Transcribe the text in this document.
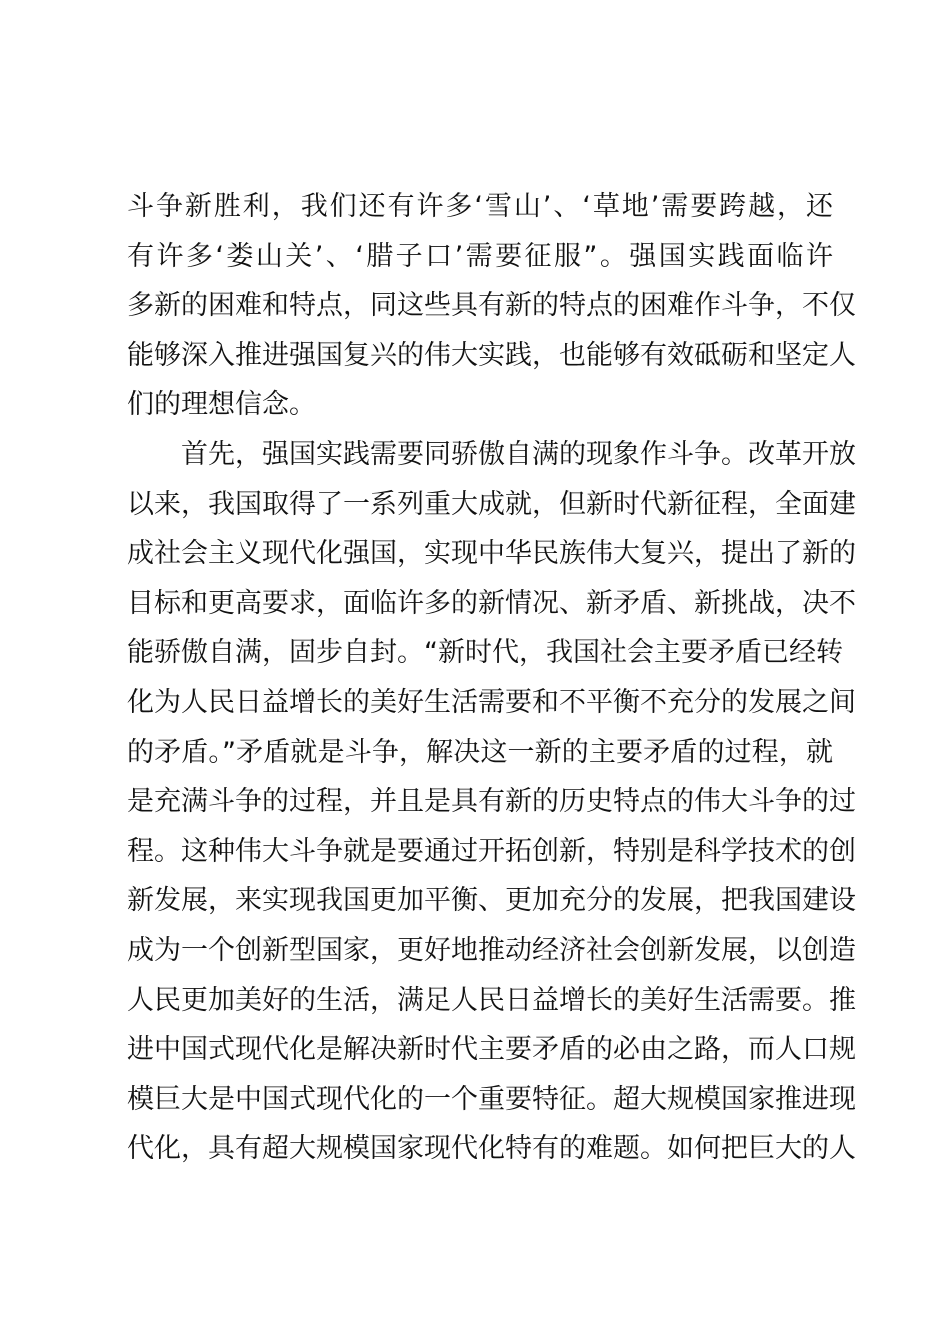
斗争新胜利，我们还有许多‘雪山’、‘草地’需要跨越，还
有许多‘娄山关’、‘腊子口’需要征服”。强国实践面临许
多新的困难和特点，同这些具有新的特点的困难作斗争，不仅
能够深入推进强国复兴的伟大实践，也能够有效砥砺和坚定人
们的理想信念。
首先，强国实践需要同骄傲自满的现象作斗争。改革开放
以来，我国取得了一系列重大成就，但新时代新征程，全面建
成社会主义现代化强国，实现中华民族伟大复兴，提出了新的
目标和更高要求，面临许多的新情况、新矛盾、新挑战，决不
能骄傲自满，固步自封。“新时代，我国社会主要矛盾已经转
化为人民日益增长的美好生活需要和不平衡不充分的发展之间
的矛盾。”矛盾就是斗争，解决这一新的主要矛盾的过程，就
是充满斗争的过程，并且是具有新的历史特点的伟大斗争的过
程。这种伟大斗争就是要通过开拓创新，特别是科学技术的创
新发展，来实现我国更加平衡、更加充分的发展，把我国建设
成为一个创新型国家，更好地推动经济社会创新发展，以创造
人民更加美好的生活，满足人民日益增长的美好生活需要。推
进中国式现代化是解决新时代主要矛盾的必由之路，而人口规
模巨大是中国式现代化的一个重要特征。超大规模国家推进现
代化，具有超大规模国家现代化特有的难题。如何把巨大的人
